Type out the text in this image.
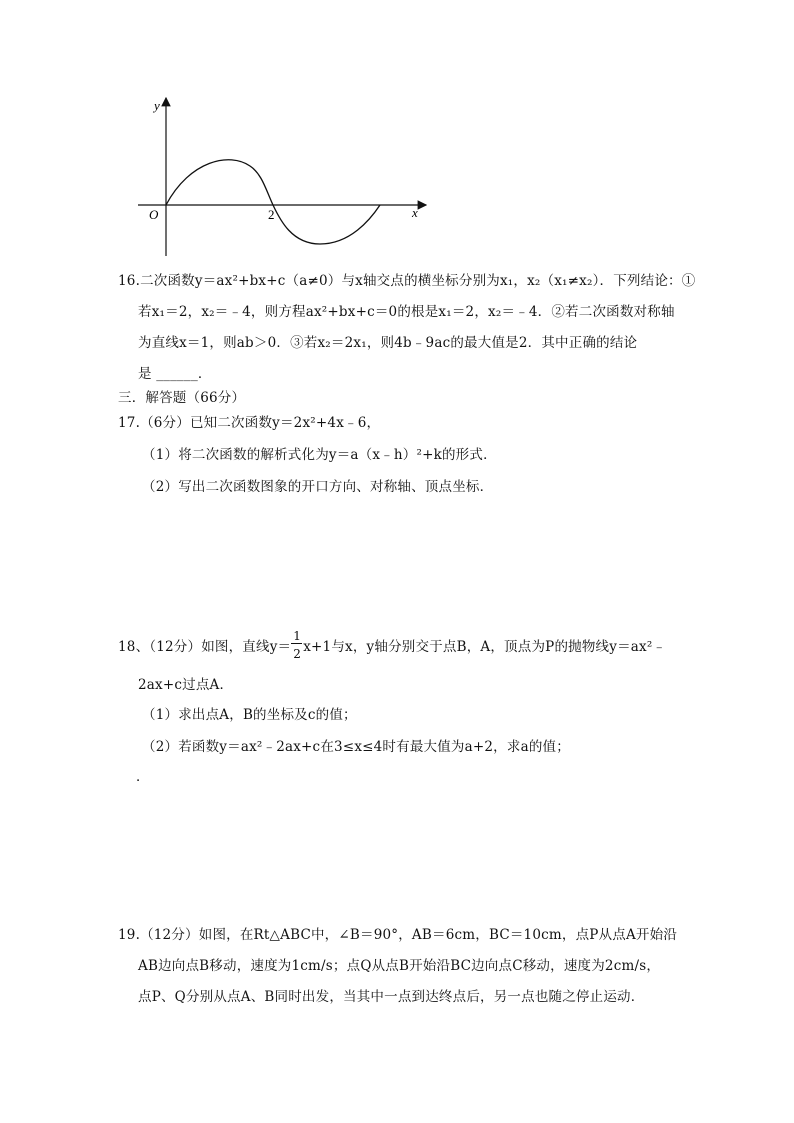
y
x
O	2
16.二次函数y＝ax²+bx+c（a≠0）与x轴交点的横坐标分别为x₁，x₂（x₁≠x₂）．下列结论：①
若x₁＝2，x₂＝﹣4，则方程ax²+bx+c＝0的根是x₁＝2，x₂＝﹣4．②若二次函数对称轴
为直线x＝1，则ab＞0．③若x₂＝2x₁，则4b﹣9ac的最大值是2．其中正确的结论
是 ______．
三．解答题（66分）
17.（6分）已知二次函数y＝2x²+4x﹣6，
（1）将二次函数的解析式化为y＝a（x﹣h）²+k的形式．
（2）写出二次函数图象的开口方向、对称轴、顶点坐标．
18、（12分）如图，直线$y= \frac{1}{2} x+1$与x，y轴分别交于点B，A，顶点为P的抛物线y＝ax²﹣
2ax+c过点A．
（1）求出点A，B的坐标及c的值；
（2）若函数y＝ax²﹣2ax+c在3≤x≤4时有最大值为a+2，求a的值；
．
19.（12分）如图，在Rt△ABC中，∠B＝90°，AB＝6cm，BC＝10cm，点P从点A开始沿
AB边向点B移动，速度为1cm/s；点Q从点B开始沿BC边向点C移动，速度为2cm/s，
点P、Q分别从点A、B同时出发，当其中一点到达终点后，另一点也随之停止运动．
